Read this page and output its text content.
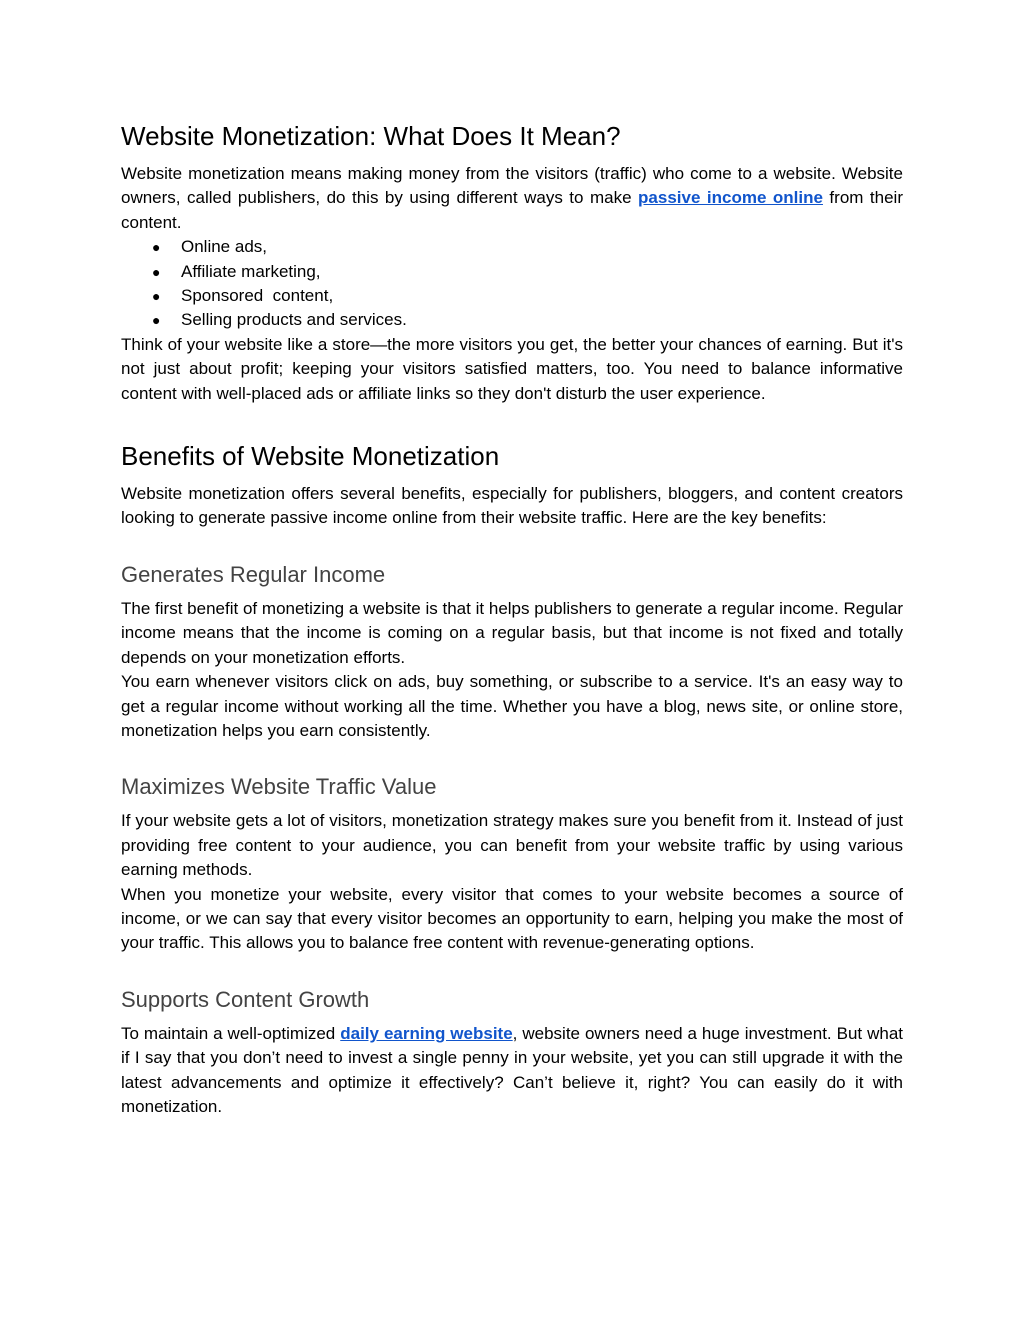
Website Monetization: What Does It Mean?

Website monetization means making money from the visitors (traffic) who come to a website. Website owners, called publishers, do this by using different ways to make passive income online from their content.

● Online ads,
● Affiliate marketing,
● Sponsored  content,
● Selling products and services.

Think of your website like a store—the more visitors you get, the better your chances of earning. But it's not just about profit; keeping your visitors satisfied matters, too. You need to balance informative content with well-placed ads or affiliate links so they don't disturb the user experience.

Benefits of Website Monetization

Website monetization offers several benefits, especially for publishers, bloggers, and content creators looking to generate passive income online from their website traffic. Here are the key benefits:

Generates Regular Income

The first benefit of monetizing a website is that it helps publishers to generate a regular income. Regular income means that the income is coming on a regular basis, but that income is not fixed and totally depends on your monetization efforts.

You earn whenever visitors click on ads, buy something, or subscribe to a service. It's an easy way to get a regular income without working all the time. Whether you have a blog, news site, or online store, monetization helps you earn consistently.

Maximizes Website Traffic Value

If your website gets a lot of visitors, monetization strategy makes sure you benefit from it. Instead of just providing free content to your audience, you can benefit from your website traffic by using various earning methods.

When you monetize your website, every visitor that comes to your website becomes a source of income, or we can say that every visitor becomes an opportunity to earn, helping you make the most of your traffic. This allows you to balance free content with revenue-generating options.

Supports Content Growth

To maintain a well-optimized daily earning website, website owners need a huge investment. But what if I say that you don’t need to invest a single penny in your website, yet you can still upgrade it with the latest advancements and optimize it effectively? Can’t believe it, right? You can easily do it with monetization.
